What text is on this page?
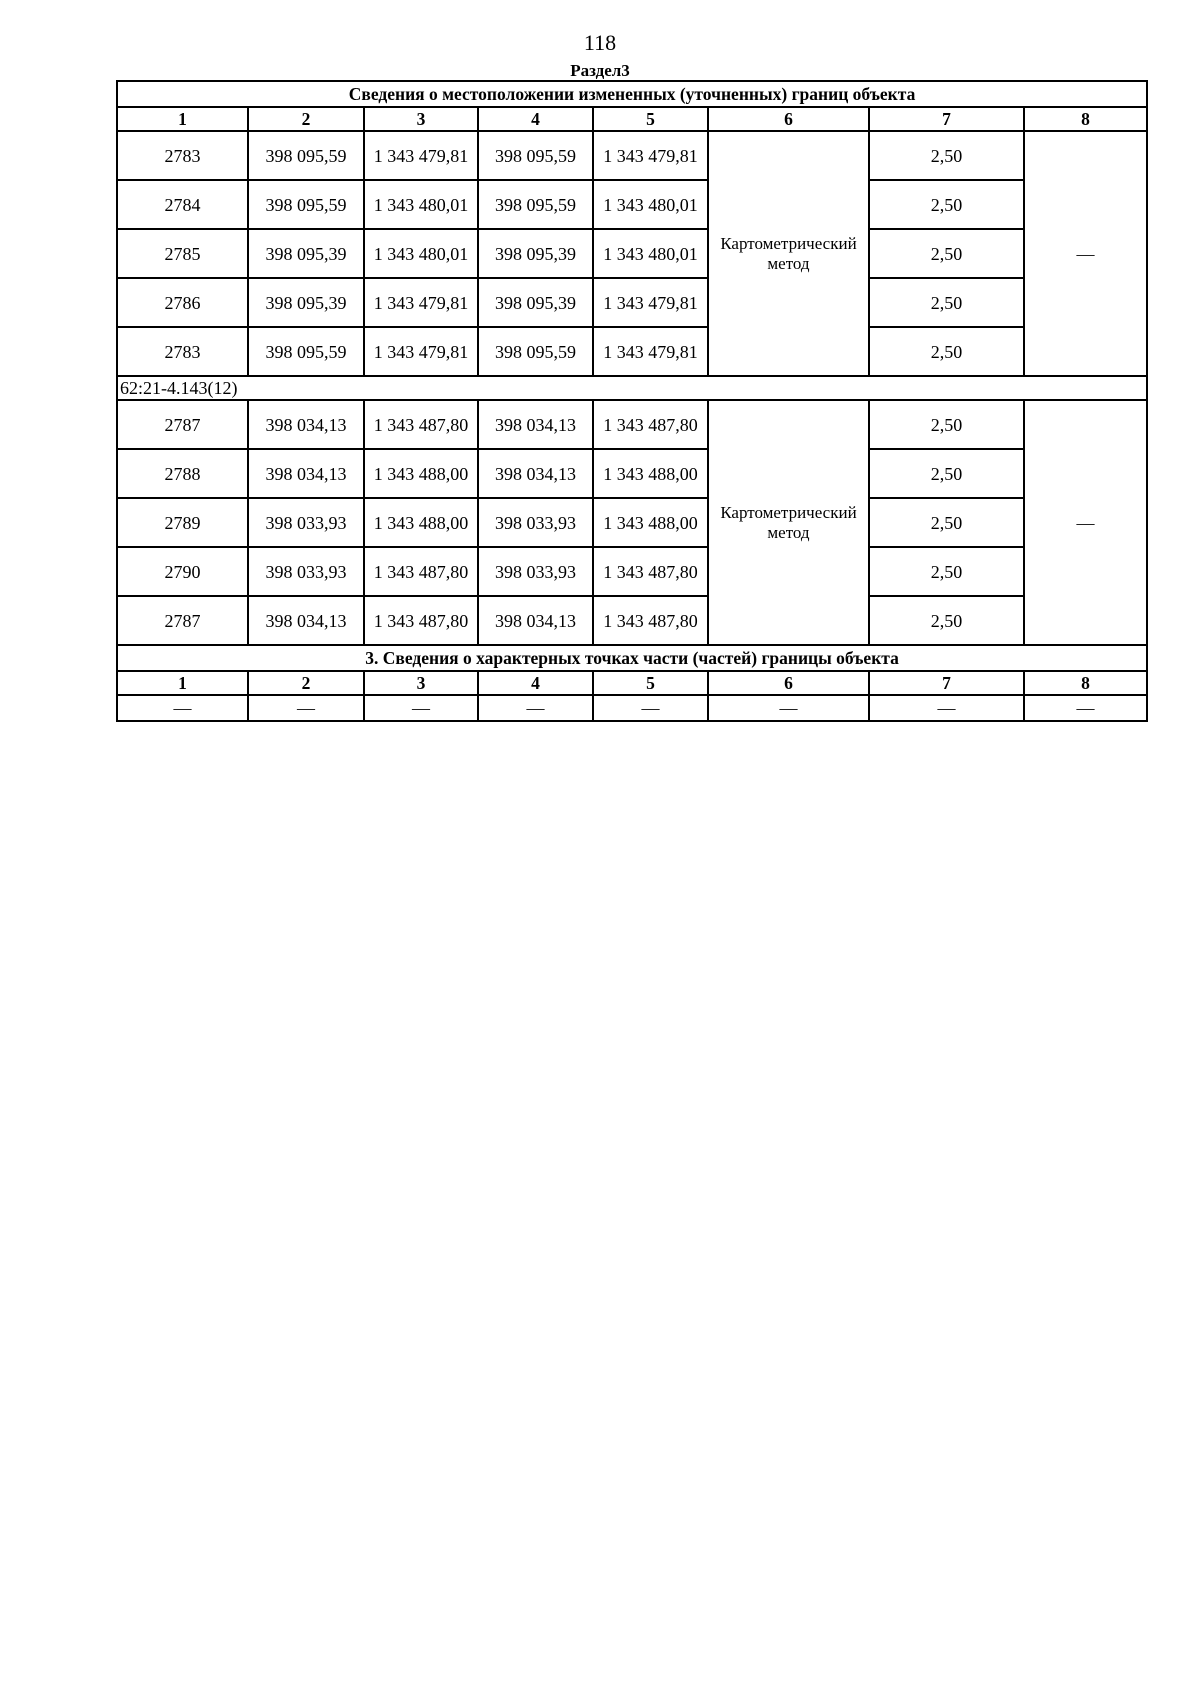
118
Раздел3
Сведения о местоположении измененных (уточненных) границ объекта							
1	2	3	4	5	6	7	8
2783	398 095,59	1 343 479,81	398 095,59	1 343 479,81	Картометрический метод	2,50	—
2784	398 095,59	1 343 480,01	398 095,59	1 343 480,01		2,50	
2785	398 095,39	1 343 480,01	398 095,39	1 343 480,01		2,50	
2786	398 095,39	1 343 479,81	398 095,39	1 343 479,81		2,50	
2783	398 095,59	1 343 479,81	398 095,59	1 343 479,81		2,50	
62:21-4.143(12)							
2787	398 034,13	1 343 487,80	398 034,13	1 343 487,80	Картометрический метод	2,50	—
2788	398 034,13	1 343 488,00	398 034,13	1 343 488,00		2,50	
2789	398 033,93	1 343 488,00	398 033,93	1 343 488,00		2,50	
2790	398 033,93	1 343 487,80	398 033,93	1 343 487,80		2,50	
2787	398 034,13	1 343 487,80	398 034,13	1 343 487,80		2,50	
3. Сведения о характерных точках части (частей) границы объекта							
1	2	3	4	5	6	7	8
—	—	—	—	—	—	—	—
